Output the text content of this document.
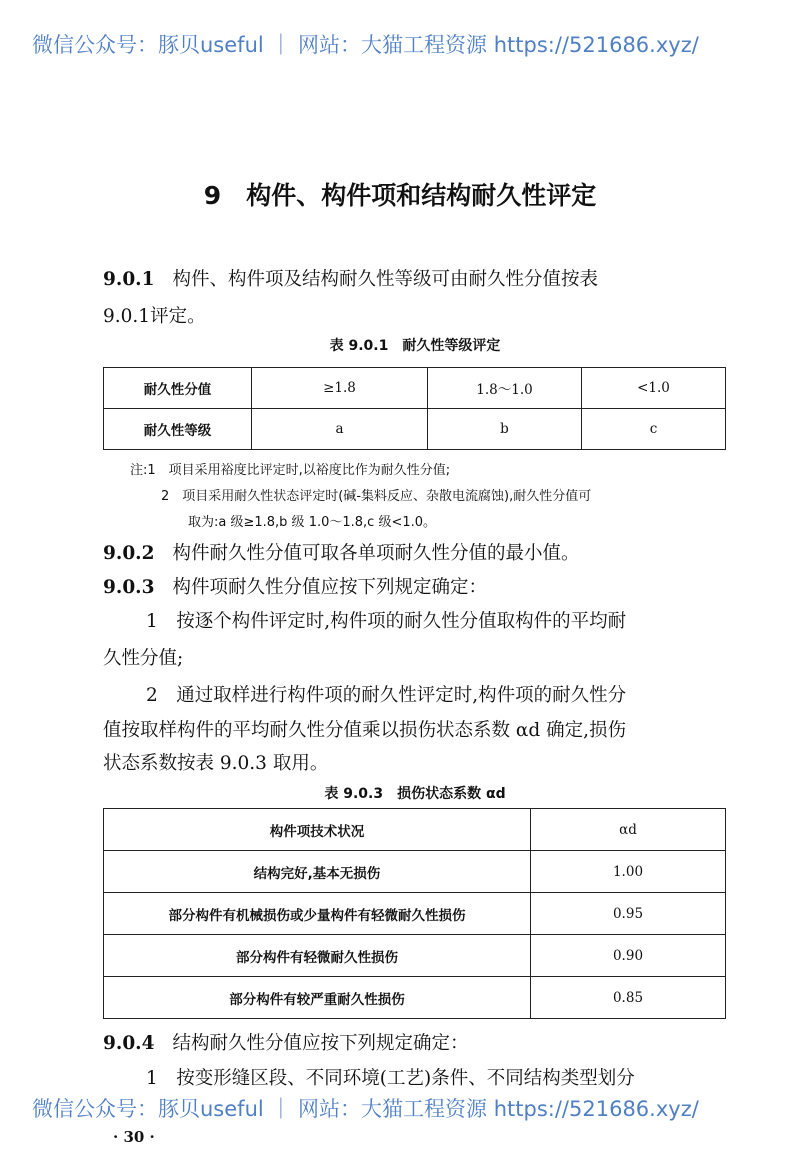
微信公众号：豚贝useful ｜ 网站：大猫工程资源 https://521686.xyz/
9　构件、构件项和结构耐久性评定
9.0.1 构件、构件项及结构耐久性等级可由耐久性分值按表
9.0.1评定。
表 9.0.1　耐久性等级评定
耐久性分值	≥1.8	1.8～1.0	<1.0
耐久性等级	a	b	c
注:1　项目采用裕度比评定时,以裕度比作为耐久性分值;
2　项目采用耐久性状态评定时(碱-集料反应、杂散电流腐蚀),耐久性分值可
取为:a 级≥1.8,b 级 1.0～1.8,c 级<1.0。
9.0.2 构件耐久性分值可取各单项耐久性分值的最小值。
9.0.3 构件项耐久性分值应按下列规定确定：
1　按逐个构件评定时,构件项的耐久性分值取构件的平均耐
久性分值;
2　通过取样进行构件项的耐久性评定时,构件项的耐久性分
值按取样构件的平均耐久性分值乘以损伤状态系数 αd 确定,损伤
状态系数按表 9.0.3 取用。
表 9.0.3　损伤状态系数 αd
构件项技术状况	αd
结构完好,基本无损伤	1.00
部分构件有机械损伤或少量构件有轻微耐久性损伤	0.95
部分构件有轻微耐久性损伤	0.90
部分构件有较严重耐久性损伤	0.85
9.0.4 结构耐久性分值应按下列规定确定：
1　按变形缝区段、不同环境(工艺)条件、不同结构类型划分
微信公众号：豚贝useful ｜ 网站：大猫工程资源 https://521686.xyz/
· 30 ·
